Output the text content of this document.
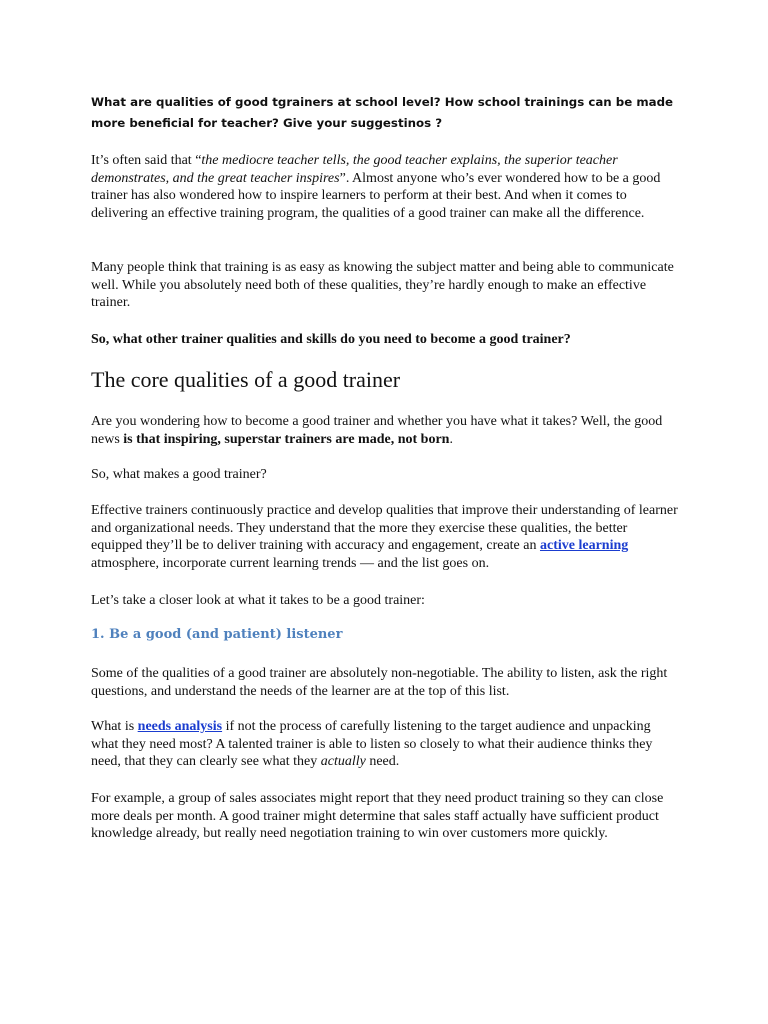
What are qualities of good tgrainers at school level? How school trainings can be made more beneficial for teacher? Give your suggestinos ?

It’s often said that “the mediocre teacher tells, the good teacher explains, the superior teacher demonstrates, and the great teacher inspires”. Almost anyone who’s ever wondered how to be a good trainer has also wondered how to inspire learners to perform at their best. And when it comes to delivering an effective training program, the qualities of a good trainer can make all the difference.

Many people think that training is as easy as knowing the subject matter and being able to communicate well. While you absolutely need both of these qualities, they’re hardly enough to make an effective trainer.

So, what other trainer qualities and skills do you need to become a good trainer?

The core qualities of a good trainer

Are you wondering how to become a good trainer and whether you have what it takes? Well, the good news is that inspiring, superstar trainers are made, not born.

So, what makes a good trainer?

Effective trainers continuously practice and develop qualities that improve their understanding of learner and organizational needs. They understand that the more they exercise these qualities, the better equipped they’ll be to deliver training with accuracy and engagement, create an active learning atmosphere, incorporate current learning trends — and the list goes on.

Let’s take a closer look at what it takes to be a good trainer:

1. Be a good (and patient) listener

Some of the qualities of a good trainer are absolutely non-negotiable. The ability to listen, ask the right questions, and understand the needs of the learner are at the top of this list.

What is needs analysis if not the process of carefully listening to the target audience and unpacking what they need most? A talented trainer is able to listen so closely to what their audience thinks they need, that they can clearly see what they actually need.

For example, a group of sales associates might report that they need product training so they can close more deals per month. A good trainer might determine that sales staff actually have sufficient product knowledge already, but really need negotiation training to win over customers more quickly.
